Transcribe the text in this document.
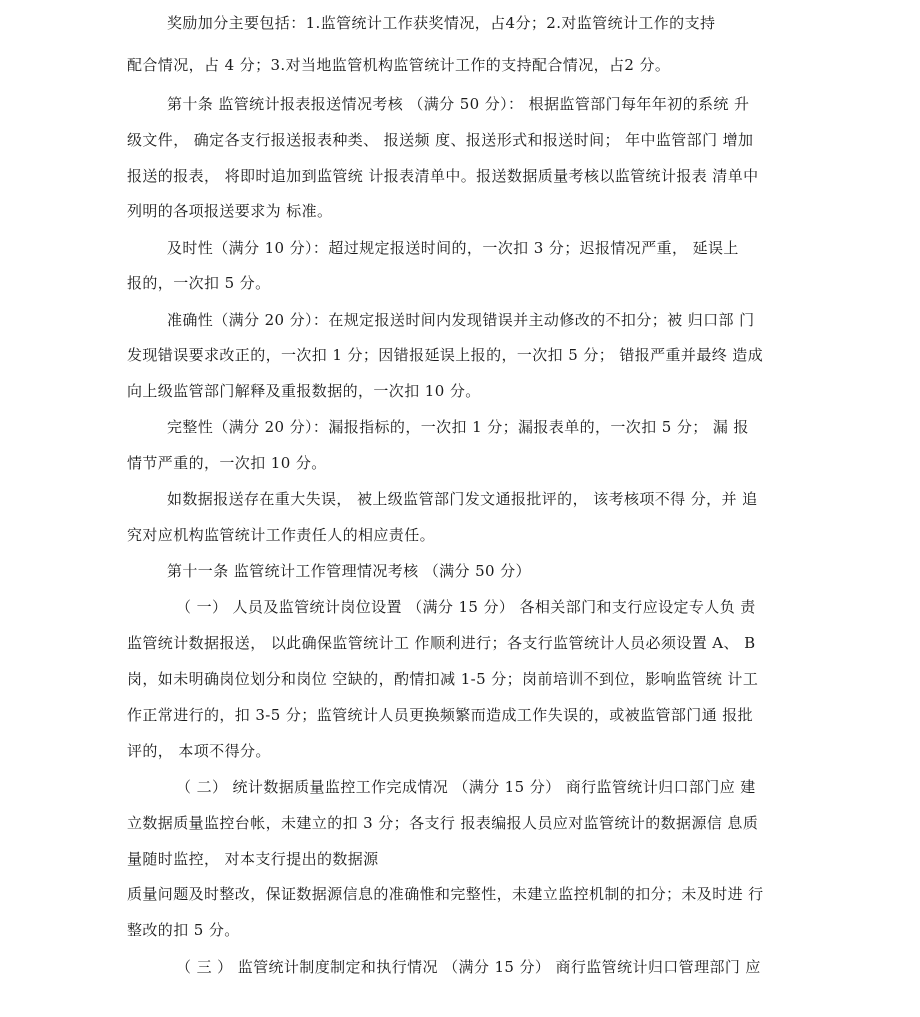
奖励加分主要包括：1.监管统计工作获奖情况，占4分；2.对监管统计工作的支持
配合情况，占 4 分；3.对当地监管机构监管统计工作的支持配合情况，占2 分。
第十条 监管统计报表报送情况考核 （满分 50 分）： 根据监管部门每年年初的系统 升
级文件， 确定各支行报送报表种类、 报送频 度、报送形式和报送时间； 年中监管部门 增加
报送的报表， 将即时追加到监管统 计报表清单中。报送数据质量考核以监管统计报表 清单中
列明的各项报送要求为 标准。
及时性（满分 10 分）：超过规定报送时间的，一次扣 3 分；迟报情况严重， 延误上
报的，一次扣 5 分。
准确性（满分 20 分）：在规定报送时间内发现错误并主动修改的不扣分；被 归口部 门
发现错误要求改正的，一次扣 1 分；因错报延误上报的，一次扣 5 分； 错报严重并最终 造成
向上级监管部门解释及重报数据的，一次扣 10 分。
完整性（满分 20 分）：漏报指标的，一次扣 1 分；漏报表单的，一次扣 5 分； 漏 报
情节严重的，一次扣 10 分。
如数据报送存在重大失误， 被上级监管部门发文通报批评的， 该考核项不得 分，并 追
究对应机构监管统计工作责任人的相应责任。
第十一条 监管统计工作管理情况考核 （满分 50 分）
（ 一） 人员及监管统计岗位设置 （满分 15 分） 各相关部门和支行应设定专人负 责
监管统计数据报送， 以此确保监管统计工 作顺利进行；各支行监管统计人员必须设置 A、 B
岗，如未明确岗位划分和岗位 空缺的，酌情扣减 1-5 分；岗前培训不到位，影响监管统 计工
作正常进行的，扣 3-5 分；监管统计人员更换频繁而造成工作失误的，或被监管部门通 报批
评的， 本项不得分。
（ 二） 统计数据质量监控工作完成情况 （满分 15 分） 商行监管统计归口部门应 建
立数据质量监控台帐，未建立的扣 3 分；各支行 报表编报人员应对监管统计的数据源信 息质
量随时监控， 对本支行提出的数据源
质量问题及时整改，保证数据源信息的准确惟和完整性，未建立监控机制的扣分；未及时进 行
整改的扣 5 分。
（ 三 ） 监管统计制度制定和执行情况 （满分 15 分） 商行监管统计归口管理部门 应
